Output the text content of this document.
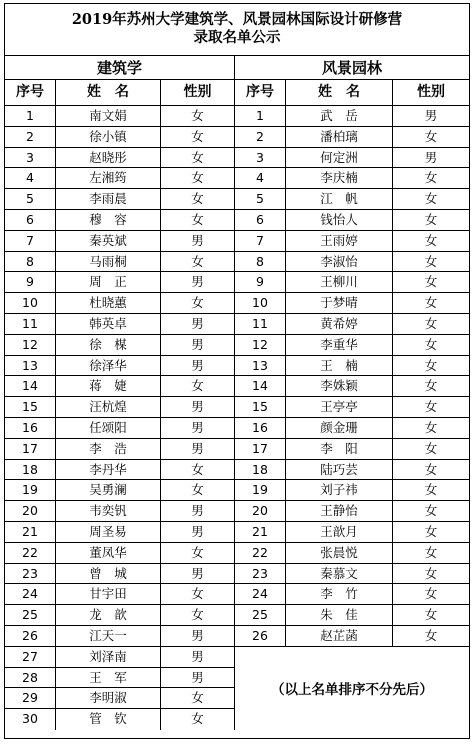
2019年苏州大学建筑学、风景园林国际设计研修营
录取名单公示
建筑学
序号	姓　名	性别
1	南文娟	女
2	徐小镇	女
3	赵晓彤	女
4	左湘筠	女
5	李雨晨	女
6	穆　容	女
7	秦英斌	男
8	马雨桐	女
9	周　正	男
10	杜晓蕙	女
11	韩英卓	男
12	徐　楳	男
13	徐泽华	男
14	蒋　婕	女
15	汪杭煌	男
16	任颂阳	男
17	李　浩	男
18	李丹华	女
19	吴勇澜	女
20	韦奕钒	男
21	周圣易	男
22	董凤华	女
23	曾　城	男
24	甘宇田	女
25	龙　歆	女
26	江天一	男
27	刘泽南	男
28	王　军	男
29	李明淑	女
30	管　钦	女
风景园林
序号	姓　名	性别
1	武　岳	男
2	潘柏璃	女
3	何定洲	男
4	李庆楠	女
5	江　帆	女
6	钱怡人	女
7	王雨婷	女
8	李淑怡	女
9	王柳川	女
10	于梦晴	女
11	黄希婷	女
12	李重华	女
13	王　楠	女
14	李姝颖	女
15	王亭亭	女
16	颜金珊	女
17	李　阳	女
18	陆巧芸	女
19	刘子祎	女
20	王静怡	女
21	王歆月	女
22	张晨悦	女
23	秦慕文	女
24	李　竹	女
25	朱　佳	女
26	赵芷菡	女
（以上名单排序不分先后）
